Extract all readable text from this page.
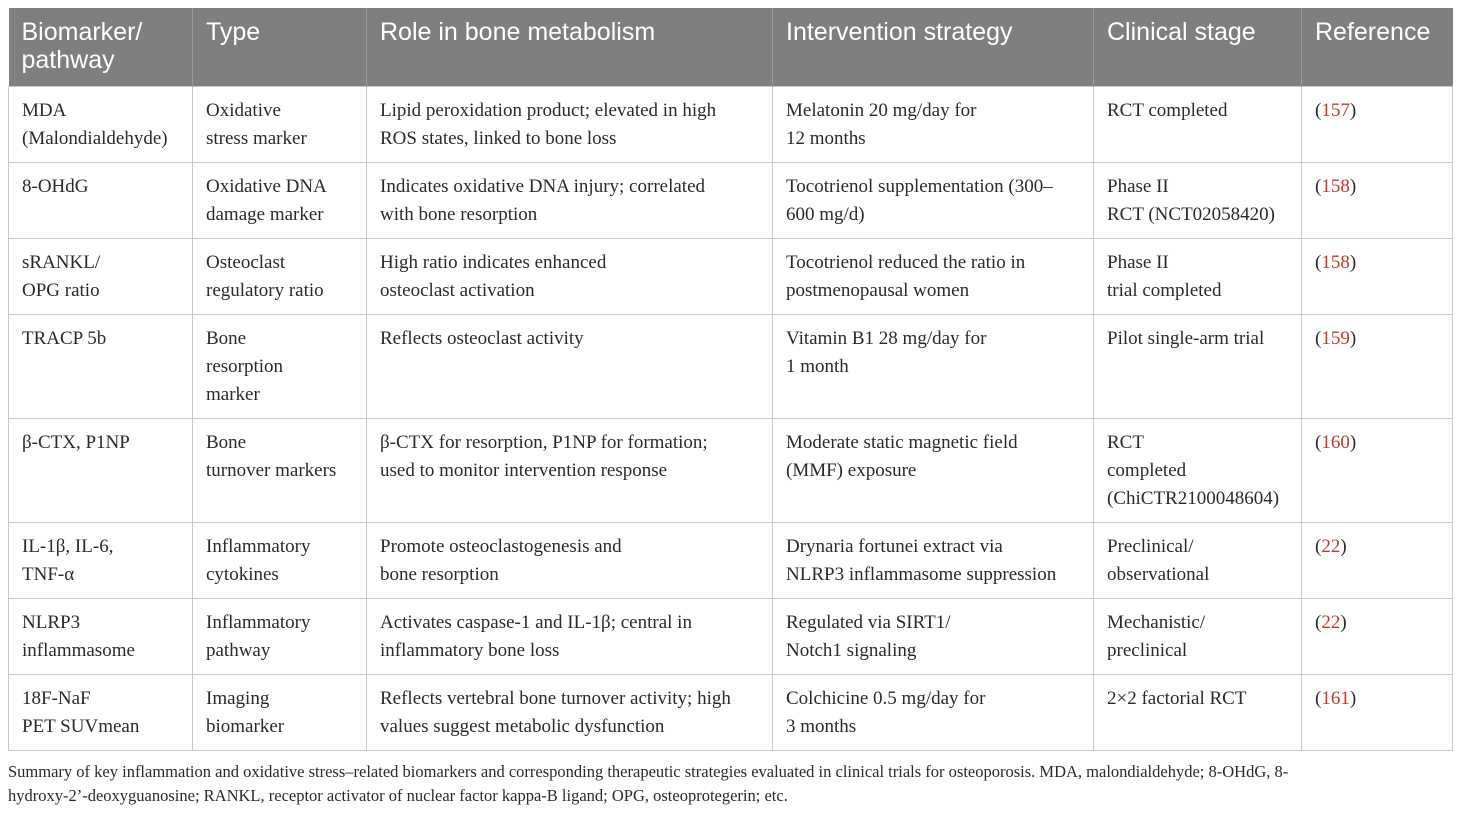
Biomarker/
pathway	Type	Role in bone metabolism	Intervention strategy	Clinical stage	Reference

MDA
(Malondialdehyde)	Oxidative
stress marker	Lipid peroxidation product; elevated in high
ROS states, linked to bone loss	Melatonin 20 mg/day for
12 months	RCT completed	(157)

8-OHdG	Oxidative DNA
damage marker	Indicates oxidative DNA injury; correlated
with bone resorption	Tocotrienol supplementation (300–
600 mg/d)	Phase II
RCT (NCT02058420)	(158)

sRANKL/
OPG ratio	Osteoclast
regulatory ratio	High ratio indicates enhanced
osteoclast activation	Tocotrienol reduced the ratio in
postmenopausal women	Phase II
trial completed	(158)

TRACP 5b	Bone
resorption
marker	Reflects osteoclast activity	Vitamin B1 28 mg/day for
1 month	Pilot single-arm trial	(159)

β-CTX, P1NP	Bone
turnover markers	β-CTX for resorption, P1NP for formation;
used to monitor intervention response	Moderate static magnetic field
(MMF) exposure	RCT
completed
(ChiCTR2100048604)	(160)

IL-1β, IL-6,
TNF-α	Inflammatory
cytokines	Promote osteoclastogenesis and
bone resorption	Drynaria fortunei extract via
NLRP3 inflammasome suppression	Preclinical/
observational	(22)

NLRP3
inflammasome	Inflammatory
pathway	Activates caspase-1 and IL-1β; central in
inflammatory bone loss	Regulated via SIRT1/
Notch1 signaling	Mechanistic/
preclinical	(22)

18F-NaF
PET SUVmean	Imaging
biomarker	Reflects vertebral bone turnover activity; high
values suggest metabolic dysfunction	Colchicine 0.5 mg/day for
3 months	2×2 factorial RCT	(161)
Summary of key inflammation and oxidative stress–related biomarkers and corresponding therapeutic strategies evaluated in clinical trials for osteoporosis. MDA, malondialdehyde; 8-OHdG, 8-
hydroxy-2’-deoxyguanosine; RANKL, receptor activator of nuclear factor kappa-B ligand; OPG, osteoprotegerin; etc.
